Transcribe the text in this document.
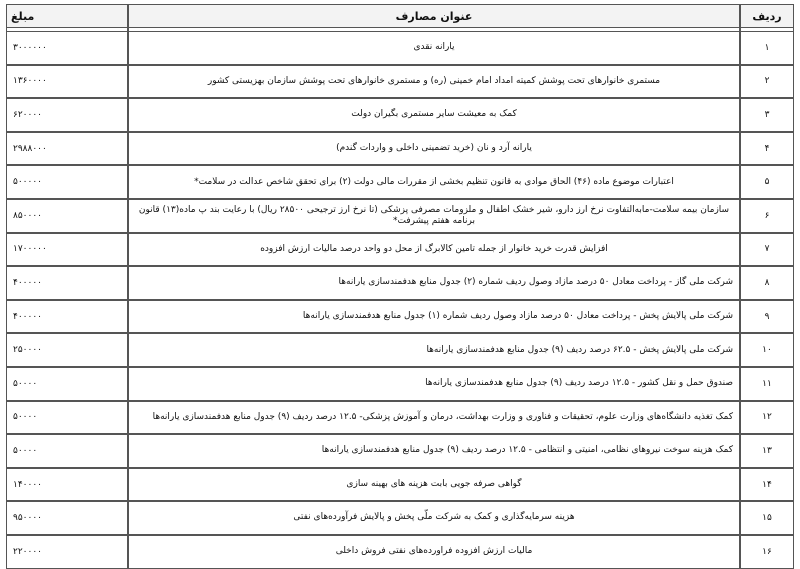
ردیف	عنوان مصارف	مبلغ

۱	یارانه نقدی	۳۰۰۰۰۰۰
۲	مستمری خانوارهای تحت پوشش کمیته امداد امام خمینی (ره) و مستمری خانوارهای تحت پوشش سازمان بهزیستی کشور	۱۳۶۰۰۰۰
۳	کمک به معیشت سایر مستمری بگیران دولت	۶۲۰۰۰۰
۴	یارانه آرد و نان (خرید تضمینی داخلی و واردات گندم)	۲۹۸۸۰۰۰
۵	اعتبارات موضوع ماده (۴۶) الحاق موادی به قانون تنظیم بخشی از مقررات مالی دولت (۲) برای تحقق شاخص عدالت در سلامت*	۵۰۰۰۰۰
۶	سازمان بیمه سلامت-مابه‌التفاوت نرخ ارز دارو، شیر خشک اطفال و ملزومات مصرفی پزشکی (تا نرخ ارز ترجیحی ۲۸۵۰۰ ریال) با رعایت بند پ ماده(۱۳) قانون برنامه هفتم پیشرفت*	۸۵۰۰۰۰
۷	افزایش قدرت خرید خانوار از جمله تامین کالابرگ از محل دو واحد درصد مالیات ارزش افزوده	۱۷۰۰۰۰۰
۸	شرکت ملی گاز - پرداخت معادل ۵۰ درصد مازاد وصول ردیف شماره (۲) جدول منابع هدفمندسازی یارانه‌ها	۴۰۰۰۰۰
۹	شرکت ملی پالایش پخش - پرداخت معادل ۵۰ درصد مازاد وصول ردیف شماره (۱) جدول منابع هدفمندسازی یارانه‌ها	۴۰۰۰۰۰
۱۰	شرکت ملی پالایش پخش - ۶۲.۵ درصد ردیف (۹) جدول منابع هدفمندسازی یارانه‌ها	۲۵۰۰۰۰
۱۱	صندوق حمل و نقل کشور - ۱۲.۵ درصد ردیف (۹) جدول منابع هدفمندسازی یارانه‌ها	۵۰۰۰۰
۱۲	کمک تغذیه دانشگاه‌های وزارت علوم، تحقیقات و فناوری و وزارت بهداشت، درمان و آموزش پزشکی- ۱۲.۵ درصد ردیف (۹) جدول منابع هدفمندسازی یارانه‌ها	۵۰۰۰۰
۱۳	کمک هزینه سوخت نیروهای نظامی، امنیتی و انتظامی - ۱۲.۵ درصد ردیف (۹) جدول منابع هدفمندسازی یارانه‌ها	۵۰۰۰۰
۱۴	گواهی صرفه جویی بابت هزینه های بهینه سازی	۱۴۰۰۰۰
۱۵	هزینه سرمایه‌گذاری و کمک به شرکت ملّی پخش و پالایش فرآورده‌های نفتی	۹۵۰۰۰۰
۱۶	مالیات ارزش افزوده فراورده‌های نفتی فروش داخلی	۲۲۰۰۰۰
